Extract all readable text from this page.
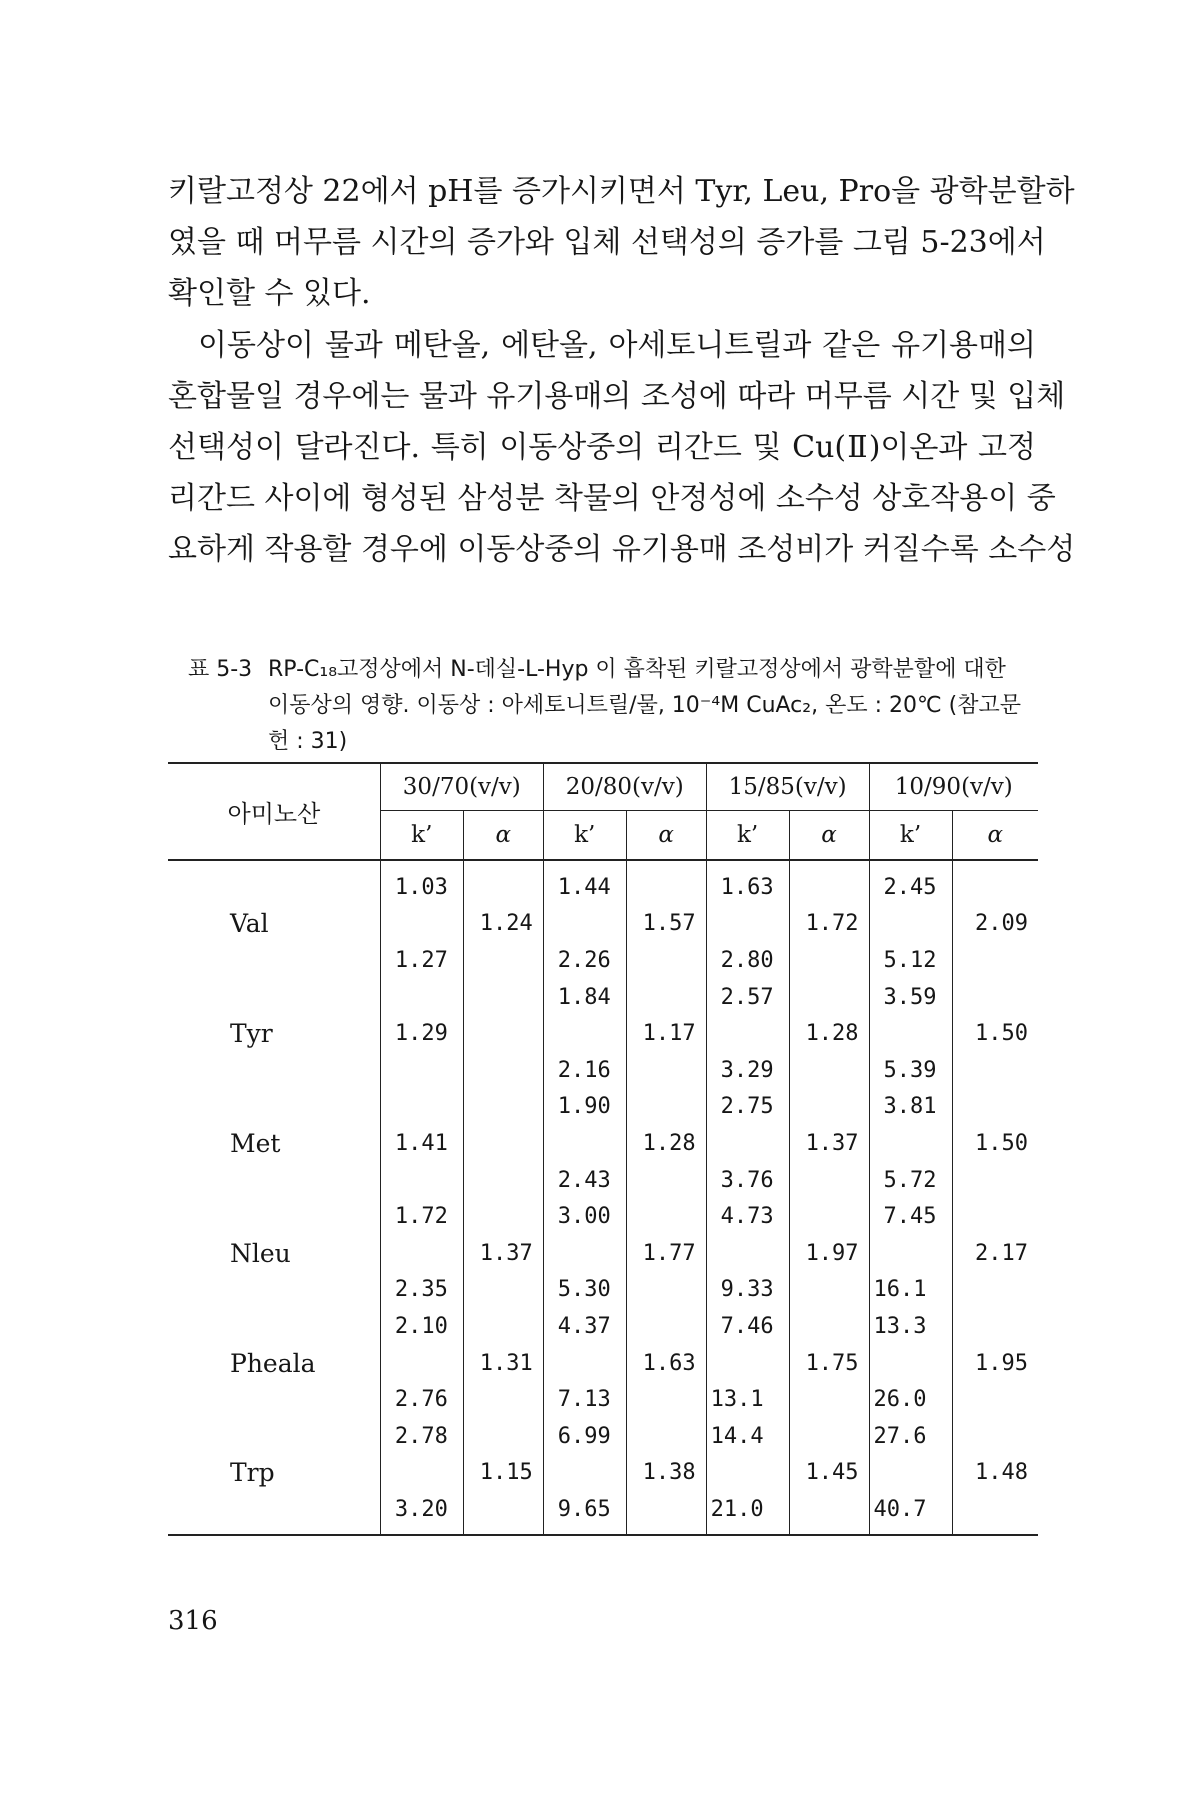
키랄고정상 22에서 pH를 증가시키면서 Tyr, Leu, Pro을 광학분할하
였을 때 머무름 시간의 증가와 입체 선택성의 증가를 그림 5-23에서
확인할 수 있다.
이동상이 물과 메탄올, 에탄올, 아세토니트릴과 같은 유기용매의
혼합물일 경우에는 물과 유기용매의 조성에 따라 머무름 시간 및 입체
선택성이 달라진다. 특히 이동상중의 리간드 및 Cu(Ⅱ)이온과 고정
리간드 사이에 형성된 삼성분 착물의 안정성에 소수성 상호작용이 중
요하게 작용할 경우에 이동상중의 유기용매 조성비가 커질수록 소수성
표 5-3 RP-C₁₈고정상에서 N-데실-L-Hyp 이 흡착된 키랄고정상에서 광학분할에 대한
이동상의 영향. 이동상 : 아세토니트릴/물, 10⁻⁴M CuAc₂, 온도 : 20℃ (참고문
헌 : 31)
아미노산	30/70(v/v)		20/80(v/v)		15/85(v/v)		10/90(v/v)	
	k’	α	k’	α	k’	α	k’	α
	1.03		1.44		1.63		2.45	
Val		1.24		1.57		1.72		2.09
	1.27		2.26		2.80		5.12	
			1.84		2.57		3.59	
Tyr	1.29			1.17		1.28		1.50
			2.16		3.29		5.39	
			1.90		2.75		3.81	
Met	1.41			1.28		1.37		1.50
			2.43		3.76		5.72	
	1.72		3.00		4.73		7.45	
Nleu		1.37		1.77		1.97		2.17
	2.35		5.30		9.33		16.1	
	2.10		4.37		7.46		13.3	
Pheala		1.31		1.63		1.75		1.95
	2.76		7.13		13.1		26.0	
	2.78		6.99		14.4		27.6	
Trp		1.15		1.38		1.45		1.48
	3.20		9.65		21.0		40.7	
316
